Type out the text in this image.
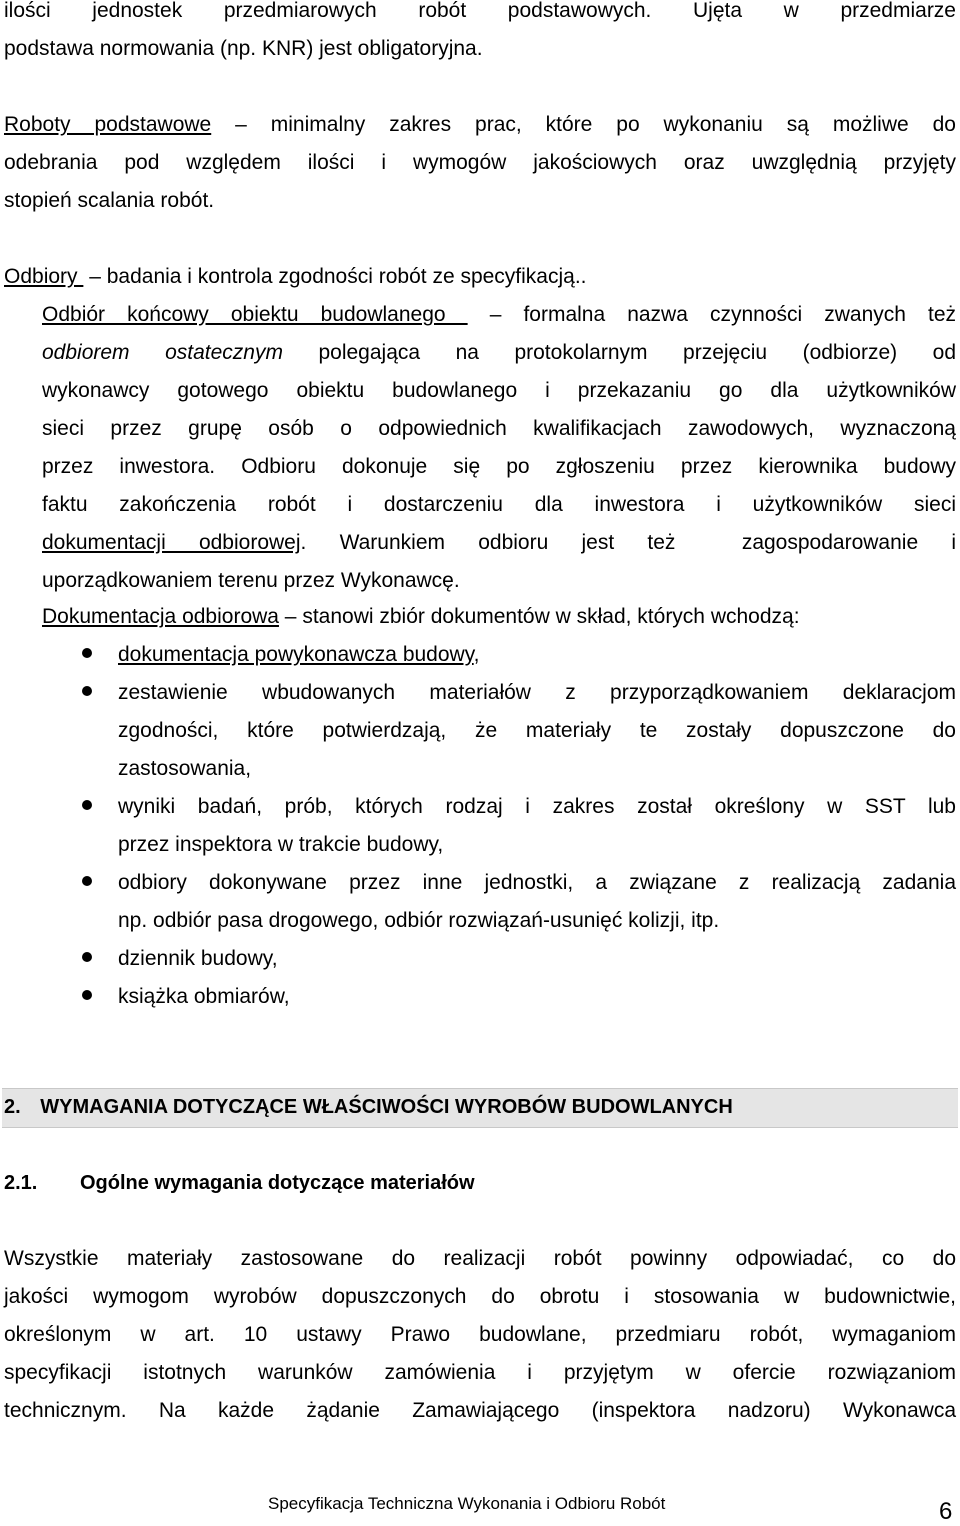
ilości jednostek przedmiarowych robót podstawowych. Ujęta w przedmiarze
podstawa normowania (np. KNR) jest obligatoryjna.
Roboty podstawowe – minimalny zakres prac, które po wykonaniu są możliwe do
odebrania pod względem ilości i wymogów jakościowych oraz uwzględnią przyjęty
stopień scalania robót.
Odbiory  – badania i kontrola zgodności robót ze specyfikacją..
Odbiór końcowy obiektu budowlanego  – formalna nazwa czynności zwanych też
odbiorem ostatecznym polegająca na protokolarnym przejęciu (odbiorze) od
wykonawcy gotowego obiektu budowlanego i przekazaniu go dla użytkowników
sieci przez grupę osób o odpowiednich kwalifikacjach zawodowych, wyznaczoną
przez inwestora. Odbioru dokonuje się po zgłoszeniu przez kierownika budowy
faktu zakończenia robót i dostarczeniu dla inwestora i użytkowników sieci
dokumentacji odbiorowej. Warunkiem odbioru jest też  zagospodarowanie i
uporządkowaniem terenu przez Wykonawcę.
Dokumentacja odbiorowa – stanowi zbiór dokumentów w skład, których wchodzą:
dokumentacja powykonawcza budowy,
zestawienie wbudowanych materiałów z przyporządkowaniem deklaracjom
zgodności, które potwierdzają, że materiały te zostały dopuszczone do
zastosowania,
wyniki badań, prób, których rodzaj i zakres został określony w SST lub
przez inspektora w trakcie budowy,
odbiory dokonywane przez inne jednostki, a związane z realizacją zadania
np. odbiór pasa drogowego, odbiór rozwiązań-usunięć kolizji, itp.
dziennik budowy,
książka obmiarów,
2. WYMAGANIA DOTYCZĄCE WŁAŚCIWOŚCI WYROBÓW BUDOWLANYCH
2.1. Ogólne wymagania dotyczące materiałów
Wszystkie materiały zastosowane do realizacji robót powinny odpowiadać, co do
jakości wymogom wyrobów dopuszczonych do obrotu i stosowania w budownictwie,
określonym w art. 10 ustawy Prawo budowlane, przedmiaru robót, wymaganiom
specyfikacji istotnych warunków zamówienia i przyjętym w ofercie rozwiązaniom
technicznym. Na każde żądanie Zamawiającego (inspektora nadzoru) Wykonawca
Specyfikacja Techniczna Wykonania i Odbioru Robót	6
